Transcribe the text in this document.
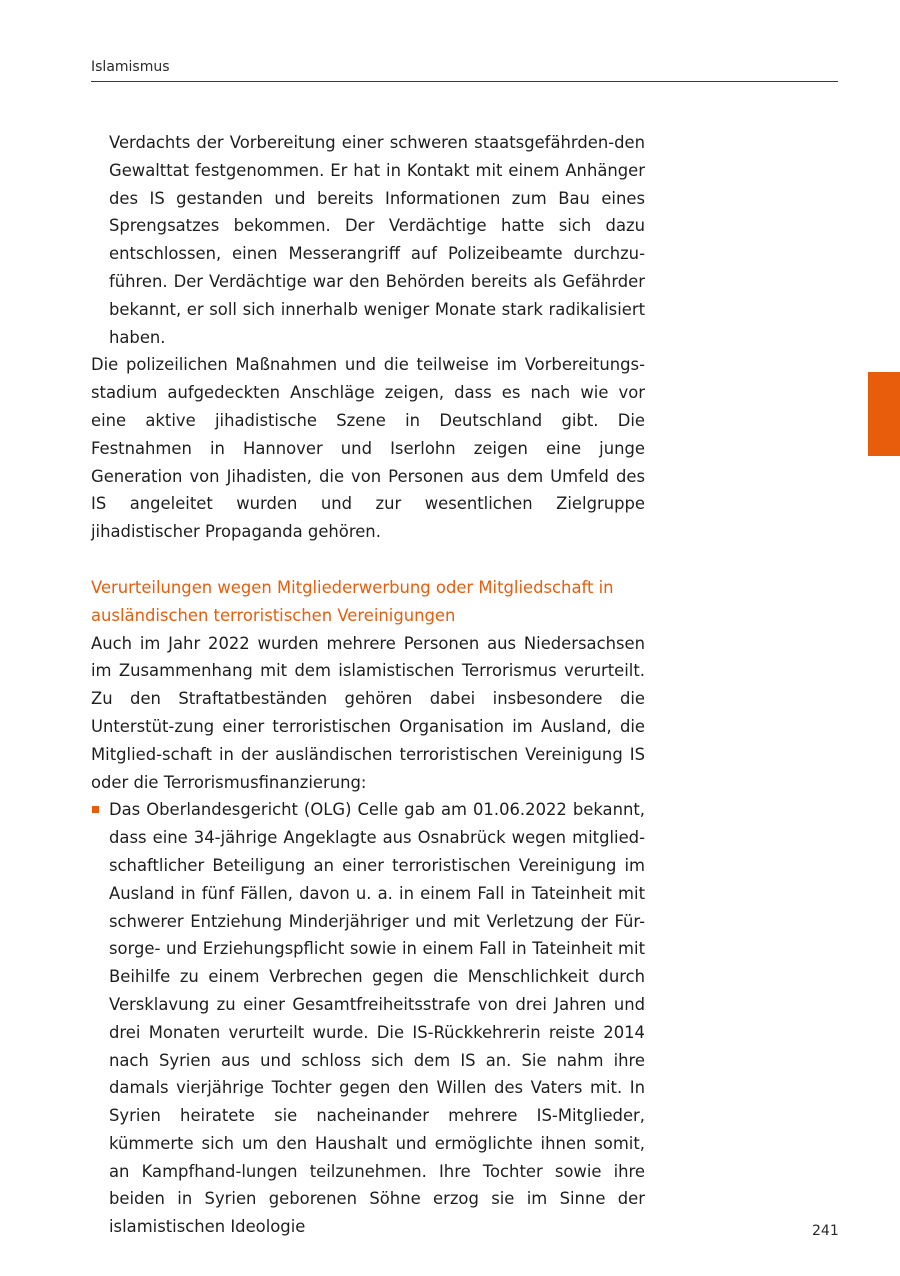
Islamismus

Verdachts der Vorbereitung einer schweren staatsgefährden-den Gewalttat festgenommen. Er hat in Kontakt mit einem Anhänger des IS gestanden und bereits Informationen zum Bau eines Sprengsatzes bekommen. Der Verdächtige hatte sich dazu entschlossen, einen Messerangriff auf Polizeibeamte durchzu-führen. Der Verdächtige war den Behörden bereits als Gefährder bekannt, er soll sich innerhalb weniger Monate stark radikalisiert haben.

Die polizeilichen Maßnahmen und die teilweise im Vorbereitungs-stadium aufgedeckten Anschläge zeigen, dass es nach wie vor eine aktive jihadistische Szene in Deutschland gibt. Die Festnahmen in Hannover und Iserlohn zeigen eine junge Generation von Jihadisten, die von Personen aus dem Umfeld des IS angeleitet wurden und zur wesentlichen Zielgruppe jihadistischer Propaganda gehören.

Verurteilungen wegen Mitgliederwerbung oder Mitgliedschaft in ausländischen terroristischen Vereinigungen

Auch im Jahr 2022 wurden mehrere Personen aus Niedersachsen im Zusammenhang mit dem islamistischen Terrorismus verurteilt. Zu den Straftatbeständen gehören dabei insbesondere die Unterstüt-zung einer terroristischen Organisation im Ausland, die Mitglied-schaft in der ausländischen terroristischen Vereinigung IS oder die Terrorismusfinanzierung:

Das Oberlandesgericht (OLG) Celle gab am 01.06.2022 bekannt, dass eine 34-jährige Angeklagte aus Osnabrück wegen mitglied-schaftlicher Beteiligung an einer terroristischen Vereinigung im Ausland in fünf Fällen, davon u. a. in einem Fall in Tateinheit mit schwerer Entziehung Minderjähriger und mit Verletzung der Für-sorge- und Erziehungspflicht sowie in einem Fall in Tateinheit mit Beihilfe zu einem Verbrechen gegen die Menschlichkeit durch Versklavung zu einer Gesamtfreiheitsstrafe von drei Jahren und drei Monaten verurteilt wurde. Die IS-Rückkehrerin reiste 2014 nach Syrien aus und schloss sich dem IS an. Sie nahm ihre damals vierjährige Tochter gegen den Willen des Vaters mit. In Syrien heiratete sie nacheinander mehrere IS-Mitglieder, kümmerte sich um den Haushalt und ermöglichte ihnen somit, an Kampfhand-lungen teilzunehmen. Ihre Tochter sowie ihre beiden in Syrien geborenen Söhne erzog sie im Sinne der islamistischen Ideologie	241
